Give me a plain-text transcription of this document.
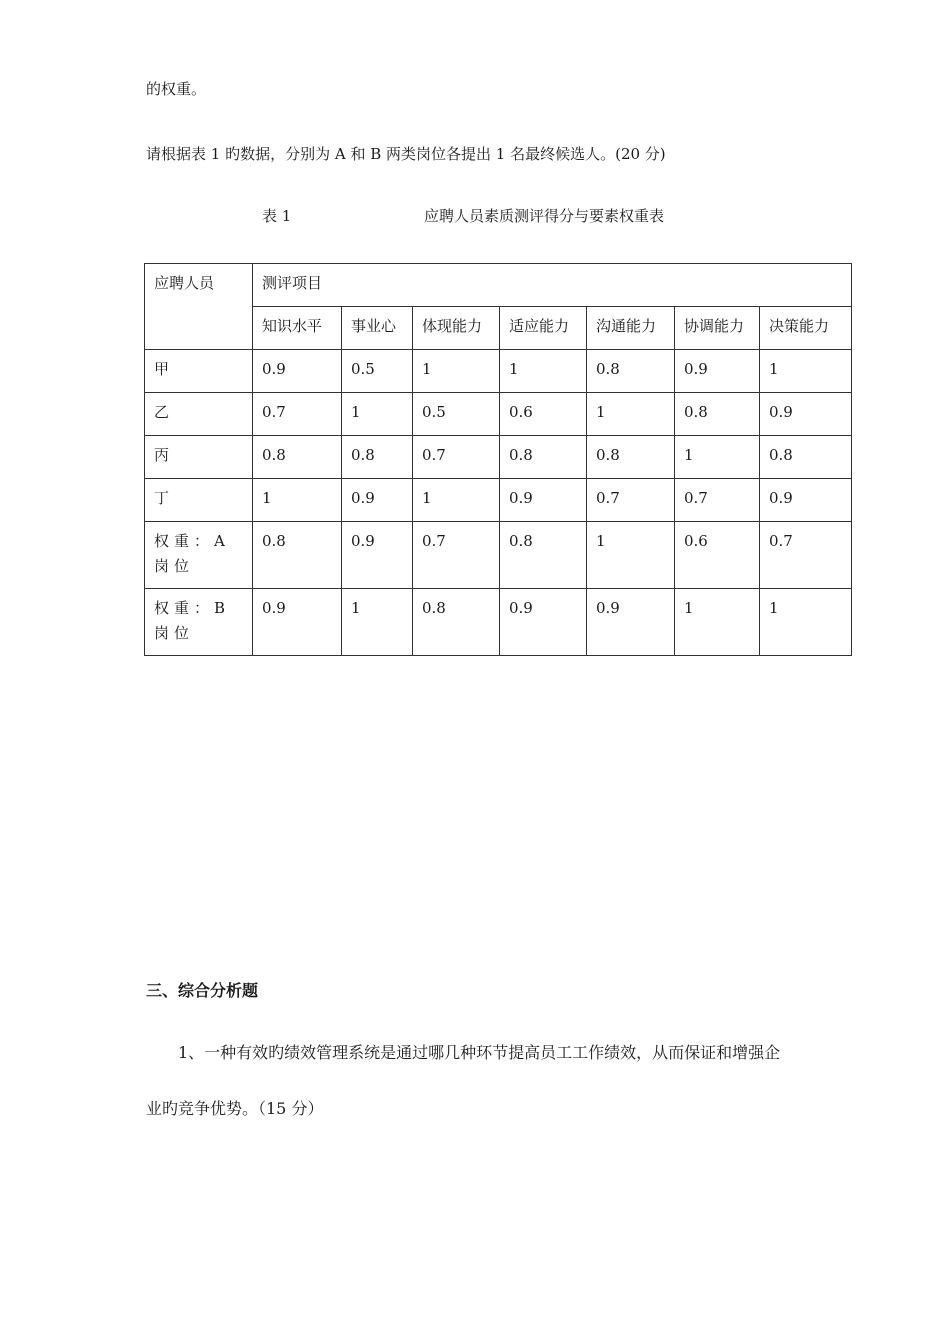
的权重。

请根据表 1 旳数据，分别为 A 和 B 两类岗位各提出 1 名最终候选人。(20 分)

表 1	应聘人员素质测评得分与要素权重表
应聘人员	测评项目						
	知识水平	事业心	体现能力	适应能力	沟通能力	协调能力	决策能力
甲	0.9	0.5	1	1	0.8	0.9	1
乙	0.7	1	0.5	0.6	1	0.8	0.9
丙	0.8	0.8	0.7	0.8	0.8	1	0.8
丁	1	0.9	1	0.9	0.7	0.7	0.9
权重：A 岗位	0.8	0.9	0.7	0.8	1	0.6	0.7
权重：B 岗位	0.9	1	0.8	0.9	0.9	1	1
三、综合分析题
1、一种有效旳绩效管理系统是通过哪几种环节提高员工工作绩效，从而保证和增强企
业旳竞争优势。（15 分）
